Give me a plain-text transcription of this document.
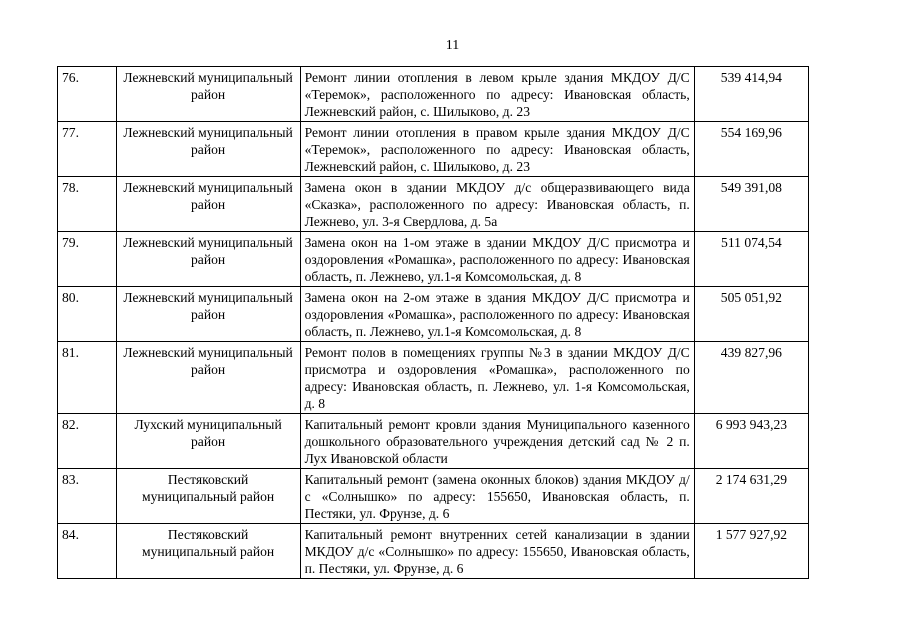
11
76.	Лежневский муниципальный район	Ремонт линии отопления в левом крыле здания МКДОУ Д/С «Теремок», расположенного по адресу: Ивановская область, Лежневский район, с. Шилыково, д. 23	539 414,94
77.	Лежневский муниципальный район	Ремонт линии отопления в правом крыле здания МКДОУ Д/С «Теремок», расположенного по адресу: Ивановская область, Лежневский район, с. Шилыково, д. 23	554 169,96
78.	Лежневский муниципальный район	Замена окон в здании МКДОУ д/с общеразвивающего вида «Сказка», расположенного по адресу: Ивановская область, п. Лежнево, ул. 3-я Свердлова, д. 5а	549 391,08
79.	Лежневский муниципальный район	Замена окон на 1-ом этаже в здании МКДОУ Д/С присмотра и оздоровления «Ромашка», расположенного по адресу: Ивановская область, п. Лежнево, ул.1-я Комсомольская, д. 8	511 074,54
80.	Лежневский муниципальный район	Замена окон на 2-ом этаже в здания МКДОУ Д/С присмотра и оздоровления «Ромашка», расположенного по адресу: Ивановская область, п. Лежнево, ул.1-я Комсомольская, д. 8	505 051,92
81.	Лежневский муниципальный район	Ремонт полов в помещениях группы №3 в здании МКДОУ Д/С присмотра и оздоровления «Ромашка», расположенного по адресу: Ивановская область, п. Лежнево, ул. 1-я Комсомольская, д. 8	439 827,96
82.	Лухский муниципальный район	Капитальный ремонт кровли здания Муниципального казенного дошкольного образовательного учреждения детский сад № 2 п. Лух Ивановской области	6 993 943,23
83.	Пестяковский муниципальный район	Капитальный ремонт (замена оконных блоков) здания МКДОУ д/с «Солнышко» по адресу: 155650, Ивановская область, п. Пестяки, ул. Фрунзе, д. 6	2 174 631,29
84.	Пестяковский муниципальный район	Капитальный ремонт внутренних сетей канализации в здании МКДОУ д/с «Солнышко» по адресу: 155650, Ивановская область, п. Пестяки, ул. Фрунзе, д. 6	1 577 927,92
